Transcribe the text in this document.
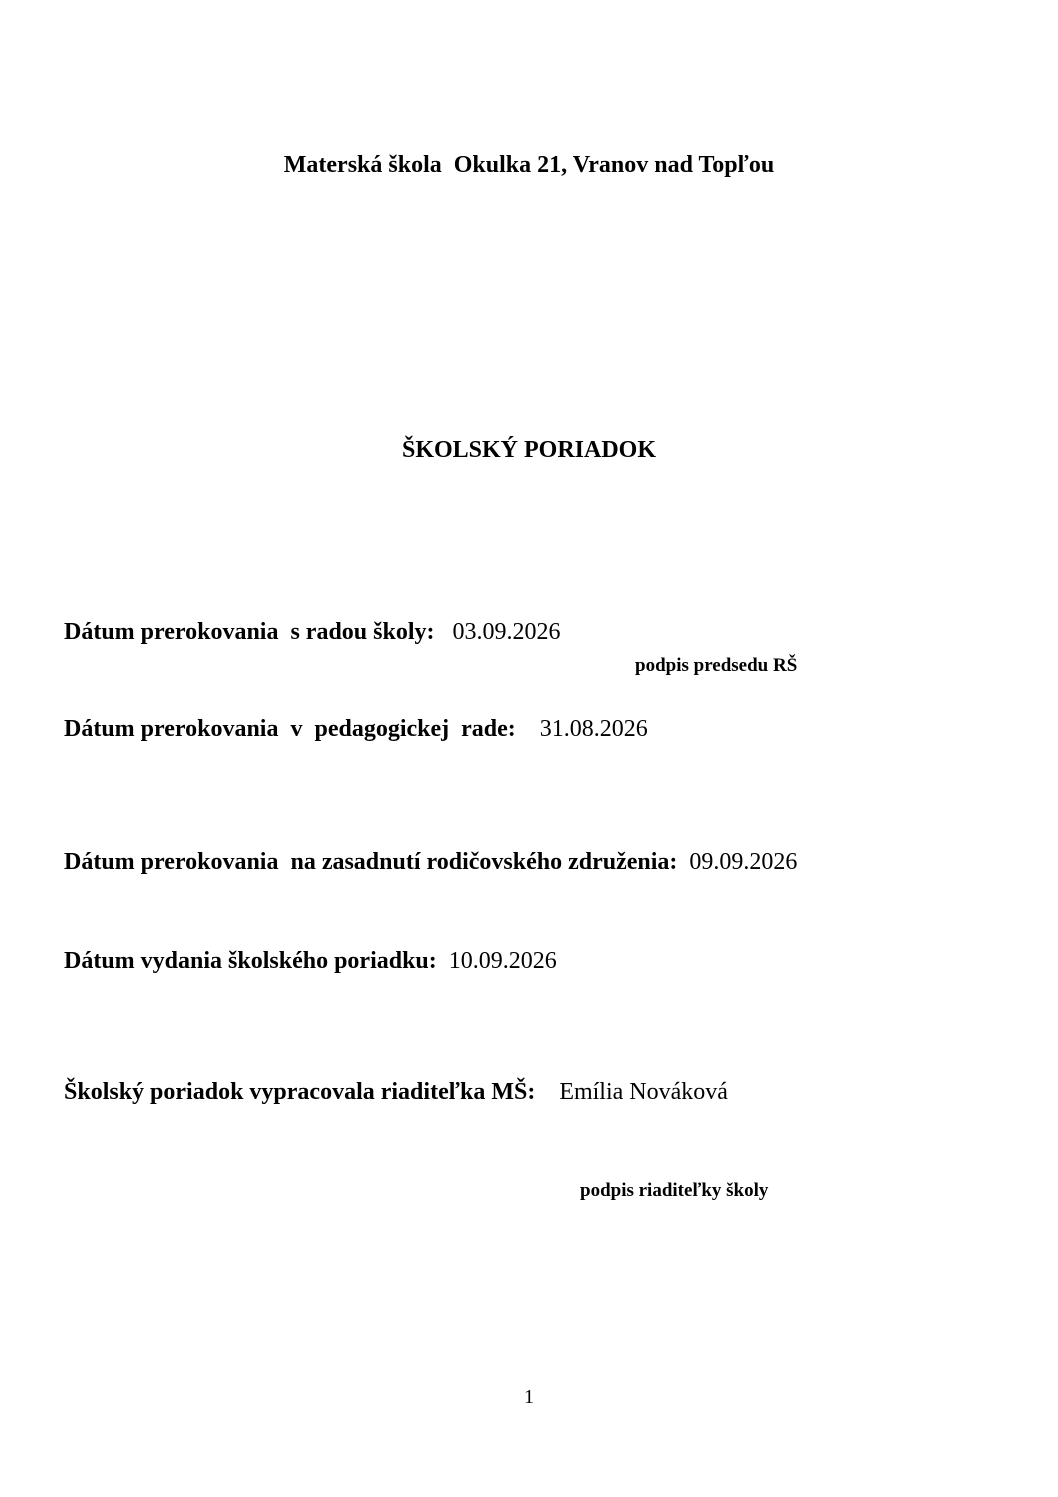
Materská škola  Okulka 21, Vranov nad Topľou
ŠKOLSKÝ PORIADOK
Dátum prerokovania  s radou školy: 03.09.2026
podpis predsedu RŠ
Dátum prerokovania  v  pedagogickej  rade: 31.08.2026
Dátum prerokovania  na zasadnutí rodičovského združenia: 09.09.2026
Dátum vydania školského poriadku: 10.09.2026
Školský poriadok vypracovala riaditeľka MŠ: Emília Nováková
podpis riaditeľky školy
1
